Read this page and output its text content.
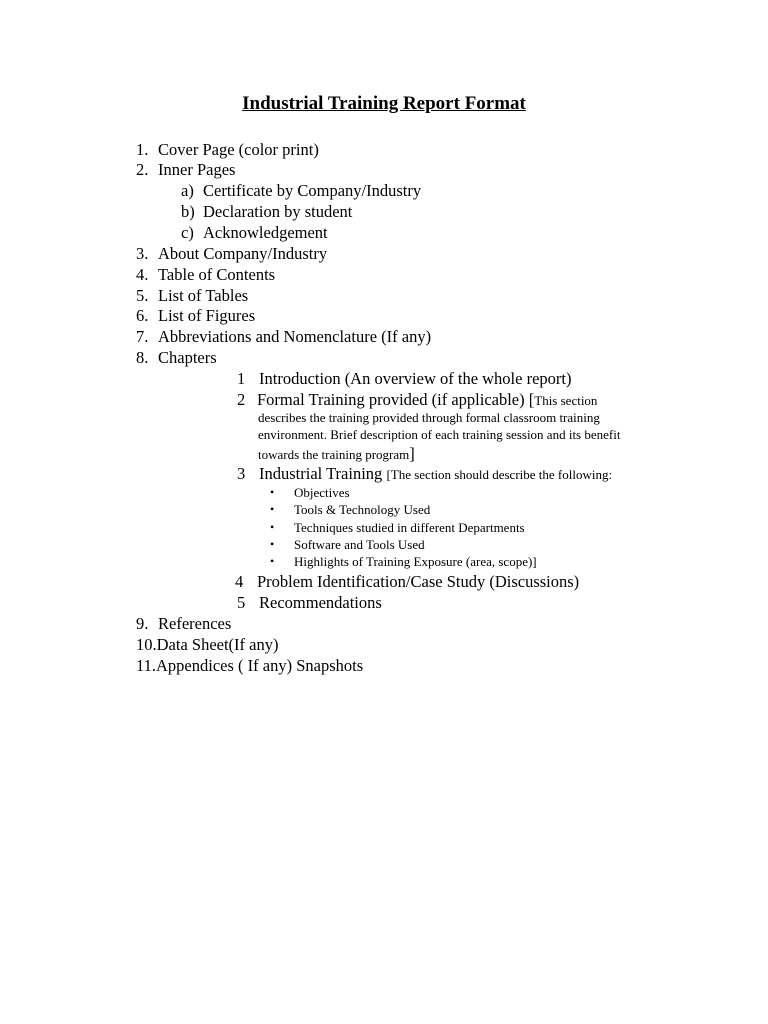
Industrial Training Report Format
1. Cover Page (color print)
2. Inner Pages
a) Certificate by Company/Industry
b) Declaration by student
c) Acknowledgement
3. About Company/Industry
4. Table of Contents
5. List of Tables
6. List of Figures
7. Abbreviations and Nomenclature (If any)
8. Chapters
1 Introduction (An overview of the whole report)
2 Formal Training provided (if applicable) [This section
describes the training provided through formal classroom training
environment. Brief description of each training session and its benefit
towards the training program]
3 Industrial Training [The section should describe the following:
• Objectives
• Tools & Technology Used
• Techniques studied in different Departments
• Software and Tools Used
• Highlights of Training Exposure (area, scope)]
4 Problem Identification/Case Study (Discussions)
5 Recommendations
9. References
10.Data Sheet(If any)
11.Appendices ( If any) Snapshots
